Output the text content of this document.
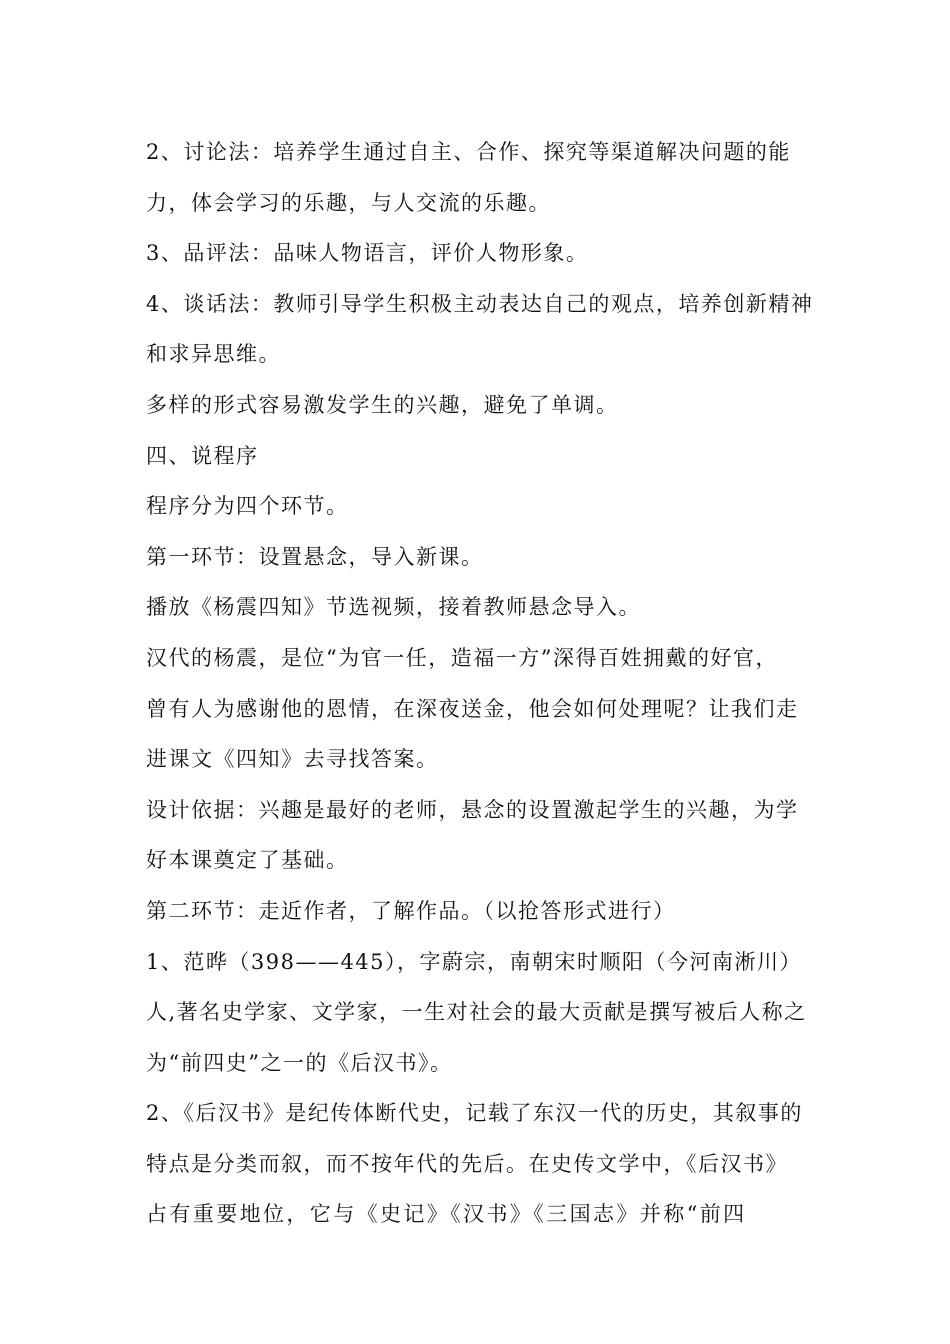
2、讨论法：培养学生通过自主、合作、探究等渠道解决问题的能
力，体会学习的乐趣，与人交流的乐趣。
3、品评法：品味人物语言，评价人物形象。
4、谈话法：教师引导学生积极主动表达自己的观点，培养创新精神
和求异思维。
多样的形式容易激发学生的兴趣，避免了单调。
四、说程序
程序分为四个环节。
第一环节：设置悬念，导入新课。
播放《杨震四知》节选视频，接着教师悬念导入。
汉代的杨震，是位“为官一任，造福一方”深得百姓拥戴的好官，
曾有人为感谢他的恩情，在深夜送金，他会如何处理呢？让我们走
进课文《四知》去寻找答案。
设计依据：兴趣是最好的老师，悬念的设置激起学生的兴趣，为学
好本课奠定了基础。
第二环节：走近作者，了解作品。（以抢答形式进行）
1、范晔（398——445），字蔚宗，南朝宋时顺阳（今河南淅川）
人,著名史学家、文学家，一生对社会的最大贡献是撰写被后人称之
为“前四史”之一的《后汉书》。
2、《后汉书》是纪传体断代史，记载了东汉一代的历史，其叙事的
特点是分类而叙，而不按年代的先后。在史传文学中，《后汉书》
占有重要地位，它与《史记》《汉书》《三国志》并称“前四
